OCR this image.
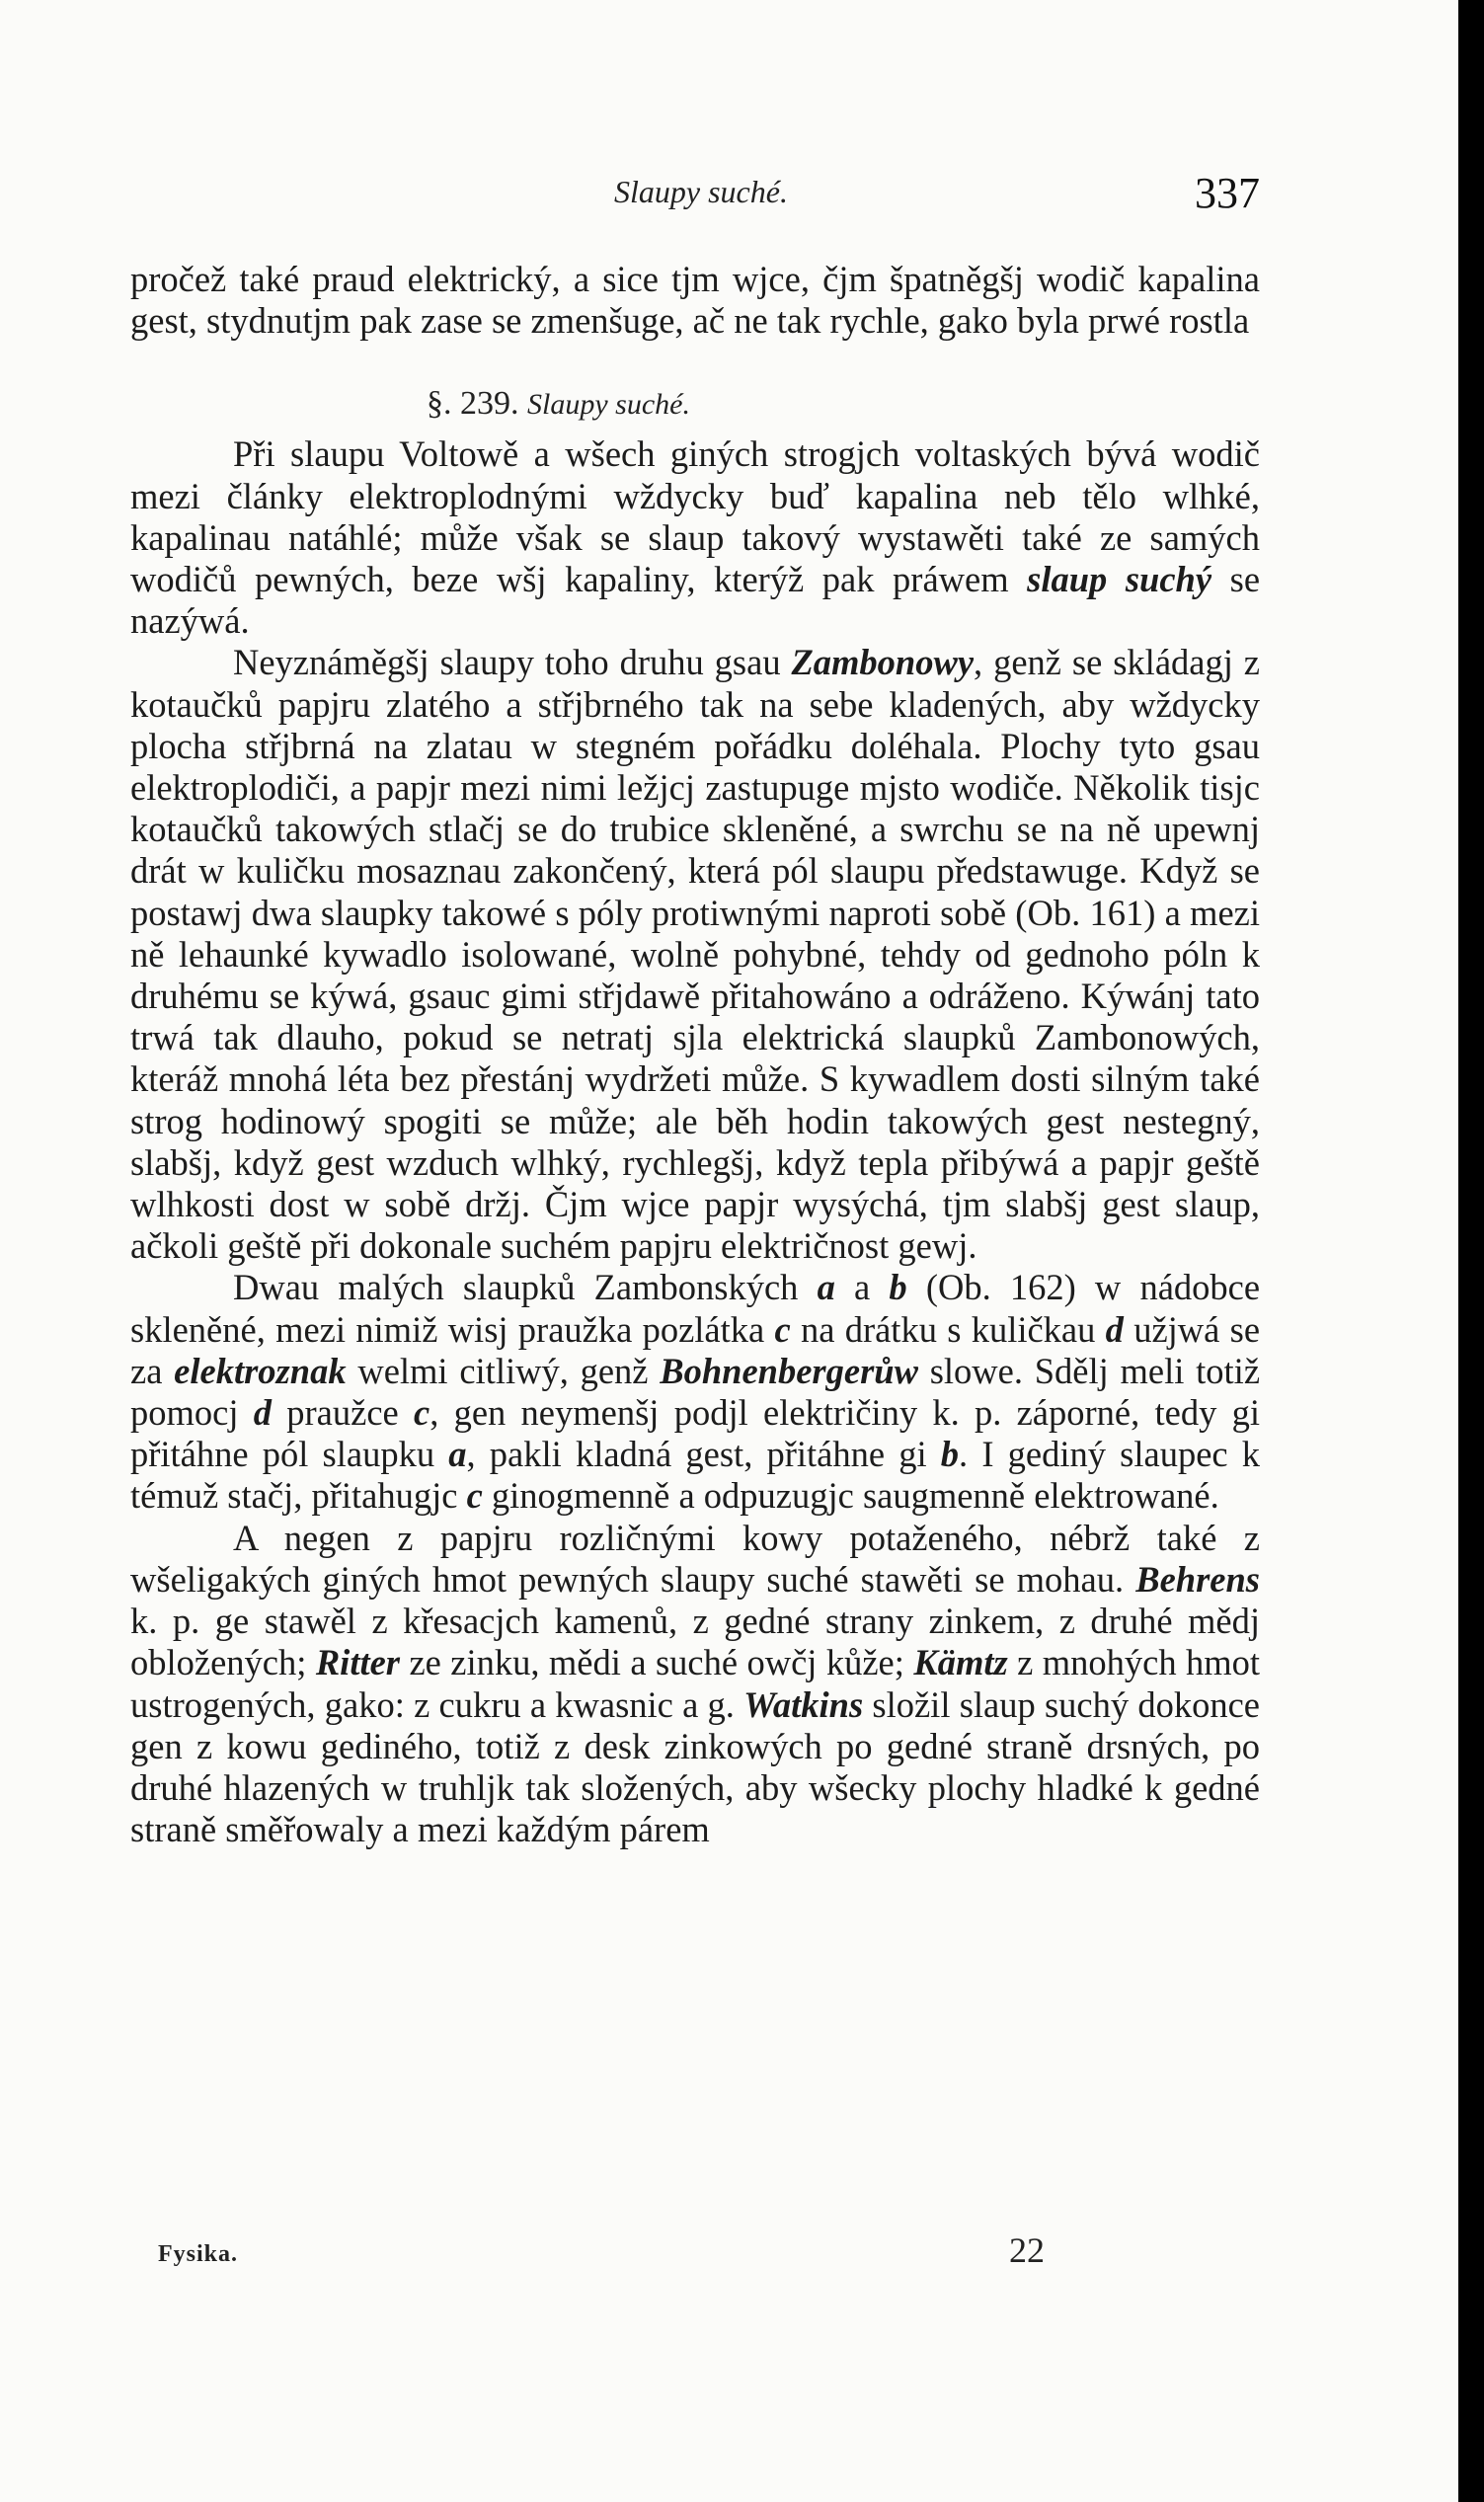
Slaupy suché.	337

pročež také praud elektrický, a sice tjm wjce, čjm špatněgšj wodič kapalina gest, stydnutjm pak zase se zmenšuge, ač ne tak rychle, gako byla prwé rostla

§. 239. Slaupy suché.

Při slaupu Voltowě a wšech giných strogjch voltaských bývá wodič mezi články elektroplodnými wždycky buď kapalina neb tělo wlhké, kapalinau natáhlé; může však se slaup takový wystawěti také ze samých wodičů pewných, beze wšj kapaliny, kterýž pak práwem slaup suchý se nazýwá.

Neyznáměgšj slaupy toho druhu gsau Zambonowy, genž se skládagj z kotaučků papjru zlatého a střjbrného tak na sebe kladených, aby wždycky plocha střjbrná na zlatau w stegném pořádku doléhala. Plochy tyto gsau elektroplodiči, a papjr mezi nimi ležjcj zastupuge mjsto wodiče. Několik tisjc kotaučků takowých stlačj se do trubice skleněné, a swrchu se na ně upewnj drát w kuličku mosaznau zakončený, která pól slaupu předstawuge. Když se postawj dwa slaupky takowé s póly protiwnými naproti sobě (Ob. 161) a mezi ně lehaunké kywadlo isolowané, wolně pohybné, tehdy od gednoho póln k druhému se kýwá, gsauc gimi střjdawě přitahowáno a odráženo. Kýwánj tato trwá tak dlauho, pokud se netratj sjla elektrická slaupků Zambonowých, kteráž mnohá léta bez přestánj wydržeti může. S kywadlem dosti silným také strog hodinowý spogiti se může; ale běh hodin takowých gest nestegný, slabšj, když gest wzduch wlhký, rychlegšj, když tepla přibýwá a papjr geště wlhkosti dost w sobě držj. Čjm wjce papjr wysýchá, tjm slabšj gest slaup, ačkoli geště při dokonale suchém papjru električnost gewj.

Dwau malých slaupků Zambonských a a b (Ob. 162) w nádobce skleněné, mezi nimiž wisj praužka pozlátka c na drátku s kuličkau d užjwá se za elektroznak welmi citliwý, genž Bohnenbergerůw slowe. Sdělj meli totiž pomocj d praužce c, gen neymenšj podjl električiny k. p. záporné, tedy gi přitáhne pól slaupku a, pakli kladná gest, přitáhne gi b. I gediný slaupec k témuž stačj, přitahugjc c ginogmenně a odpuzugjc saugmenně elektrowané.

A negen z papjru rozličnými kowy potaženého, nébrž také z wšeligakých giných hmot pewných slaupy suché stawěti se mohau. Behrens k. p. ge stawěl z křesacjch kamenů, z gedné strany zinkem, z druhé mědj obložených; Ritter ze zinku, mědi a suché owčj kůže; Kämtz z mnohých hmot ustrogených, gako: z cukru a kwasnic a g. Watkins složil slaup suchý dokonce gen z kowu gediného, totiž z desk zinkowých po gedné straně drsných, po druhé hlazených w truhljk tak složených, aby wšecky plochy hladké k gedné straně směřowaly a mezi každým párem

Fysika.	22
